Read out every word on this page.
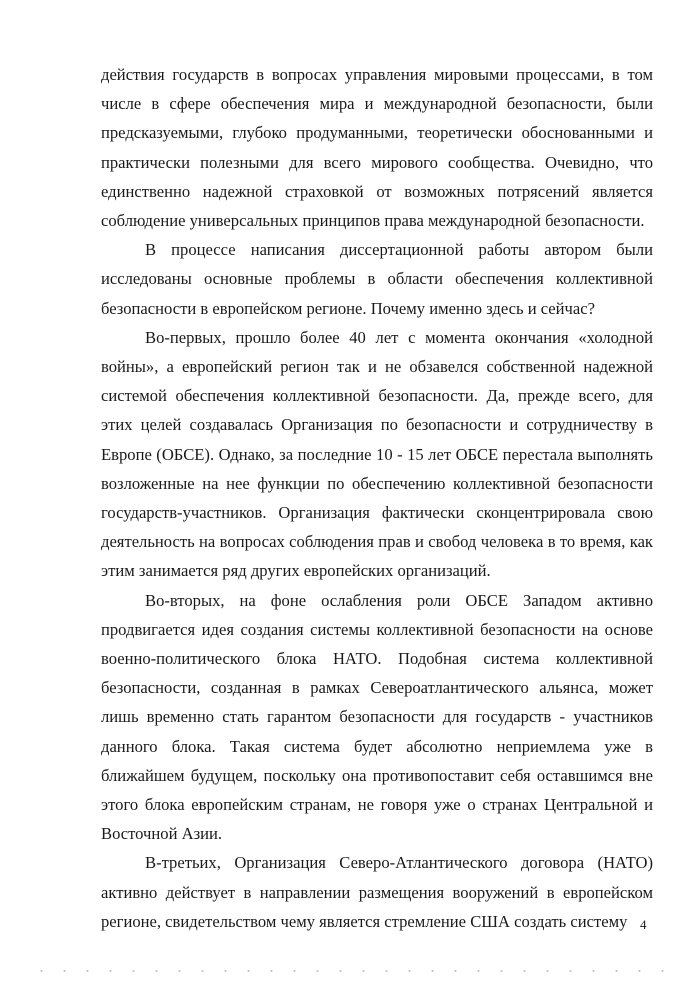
действия государств в вопросах управления мировыми процессами, в том числе в сфере обеспечения мира и международной безопасности, были предсказуемыми, глубоко продуманными, теоретически обоснованными и практически полезными для всего мирового сообщества. Очевидно, что единственно надежной страховкой от возможных потрясений является соблюдение универсальных принципов права международной безопасности.

В процессе написания диссертационной работы автором были исследованы основные проблемы в области обеспечения коллективной безопасности в европейском регионе. Почему именно здесь и сейчас?

Во-первых, прошло более 40 лет с момента окончания «холодной войны», а европейский регион так и не обзавелся собственной надежной системой обеспечения коллективной безопасности. Да, прежде всего, для этих целей создавалась Организация по безопасности и сотрудничеству в Европе (ОБСЕ). Однако, за последние 10 - 15 лет ОБСЕ перестала выполнять возложенные на нее функции по обеспечению коллективной безопасности государств-участников. Организация фактически сконцентрировала свою деятельность на вопросах соблюдения прав и свобод человека в то время, как этим занимается ряд других европейских организаций.

Во-вторых, на фоне ослабления роли ОБСЕ Западом активно продвигается идея создания системы коллективной безопасности на основе военно-политического блока НАТО. Подобная система коллективной безопасности, созданная в рамках Североатлантического альянса, может лишь временно стать гарантом безопасности для государств - участников данного блока. Такая система будет абсолютно неприемлема уже в ближайшем будущем, поскольку она противопоставит себя оставшимся вне этого блока европейским странам, не говоря уже о странах Центральной и Восточной Азии.

В-третьих, Организация Северо-Атлантического договора (НАТО) активно действует в направлении размещения вооружений в европейском регионе, свидетельством чему является стремление США создать систему 4
